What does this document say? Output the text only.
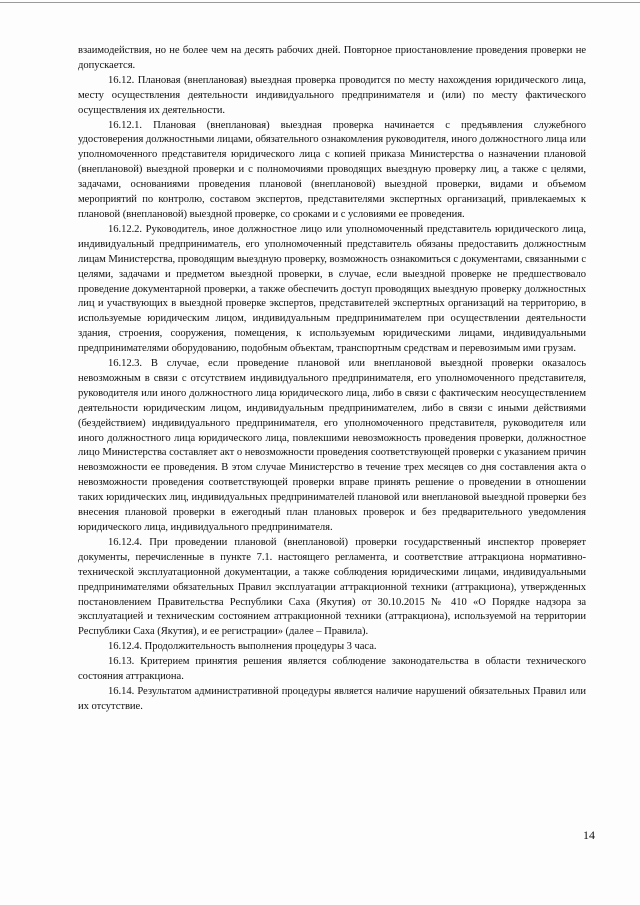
взаимодействия, но не более чем на десять рабочих дней. Повторное приостановление проведения проверки не допускается.

16.12. Плановая (внеплановая) выездная проверка проводится по месту нахождения юридического лица, месту осуществления деятельности индивидуального предпринимателя и (или) по месту фактического осуществления их деятельности.

16.12.1. Плановая (внеплановая) выездная проверка начинается с предъявления служебного удостоверения должностными лицами, обязательного ознакомления руководителя, иного должностного лица или уполномоченного представителя юридического лица с копией приказа Министерства о назначении плановой (внеплановой) выездной проверки и с полномочиями проводящих выездную проверку лиц, а также с целями, задачами, основаниями проведения плановой (внеплановой) выездной проверки, видами и объемом мероприятий по контролю, составом экспертов, представителями экспертных организаций, привлекаемых к плановой (внеплановой) выездной проверке, со сроками и с условиями ее проведения.

16.12.2. Руководитель, иное должностное лицо или уполномоченный представитель юридического лица, индивидуальный предприниматель, его уполномоченный представитель обязаны предоставить должностным лицам Министерства, проводящим выездную проверку, возможность ознакомиться с документами, связанными с целями, задачами и предметом выездной проверки, в случае, если выездной проверке не предшествовало проведение документарной проверки, а также обеспечить доступ проводящих выездную проверку должностных лиц и участвующих в выездной проверке экспертов, представителей экспертных организаций на территорию, в используемые юридическим лицом, индивидуальным предпринимателем при осуществлении деятельности здания, строения, сооружения, помещения, к используемым юридическими лицами, индивидуальными предпринимателями оборудованию, подобным объектам, транспортным средствам и перевозимым ими грузам.

16.12.3. В случае, если проведение плановой или внеплановой выездной проверки оказалось невозможным в связи с отсутствием индивидуального предпринимателя, его уполномоченного представителя, руководителя или иного должностного лица юридического лица, либо в связи с фактическим неосуществлением деятельности юридическим лицом, индивидуальным предпринимателем, либо в связи с иными действиями (бездействием) индивидуального предпринимателя, его уполномоченного представителя, руководителя или иного должностного лица юридического лица, повлекшими невозможность проведения проверки, должностное лицо Министерства составляет акт о невозможности проведения соответствующей проверки с указанием причин невозможности ее проведения. В этом случае Министерство в течение трех месяцев со дня составления акта о невозможности проведения соответствующей проверки вправе принять решение о проведении в отношении таких юридических лиц, индивидуальных предпринимателей плановой или внеплановой выездной проверки без внесения плановой проверки в ежегодный план плановых проверок и без предварительного уведомления юридического лица, индивидуального предпринимателя.

16.12.4. При проведении плановой (внеплановой) проверки государственный инспектор проверяет документы, перечисленные в пункте 7.1. настоящего регламента, и соответствие аттракциона нормативно-технической эксплуатационной документации, а также соблюдения юридическими лицами, индивидуальными предпринимателями обязательных Правил эксплуатации аттракционной техники (аттракциона), утвержденных постановлением Правительства Республики Саха (Якутия) от 30.10.2015 № 410 «О Порядке надзора за эксплуатацией и техническим состоянием аттракционной техники (аттракциона), используемой на территории Республики Саха (Якутия), и ее регистрации» (далее – Правила).

16.12.4. Продолжительность выполнения процедуры 3 часа.

16.13. Критерием принятия решения является соблюдение законодательства в области технического состояния аттракциона.

16.14. Результатом административной процедуры является наличие нарушений обязательных Правил или их отсутствие.

14
